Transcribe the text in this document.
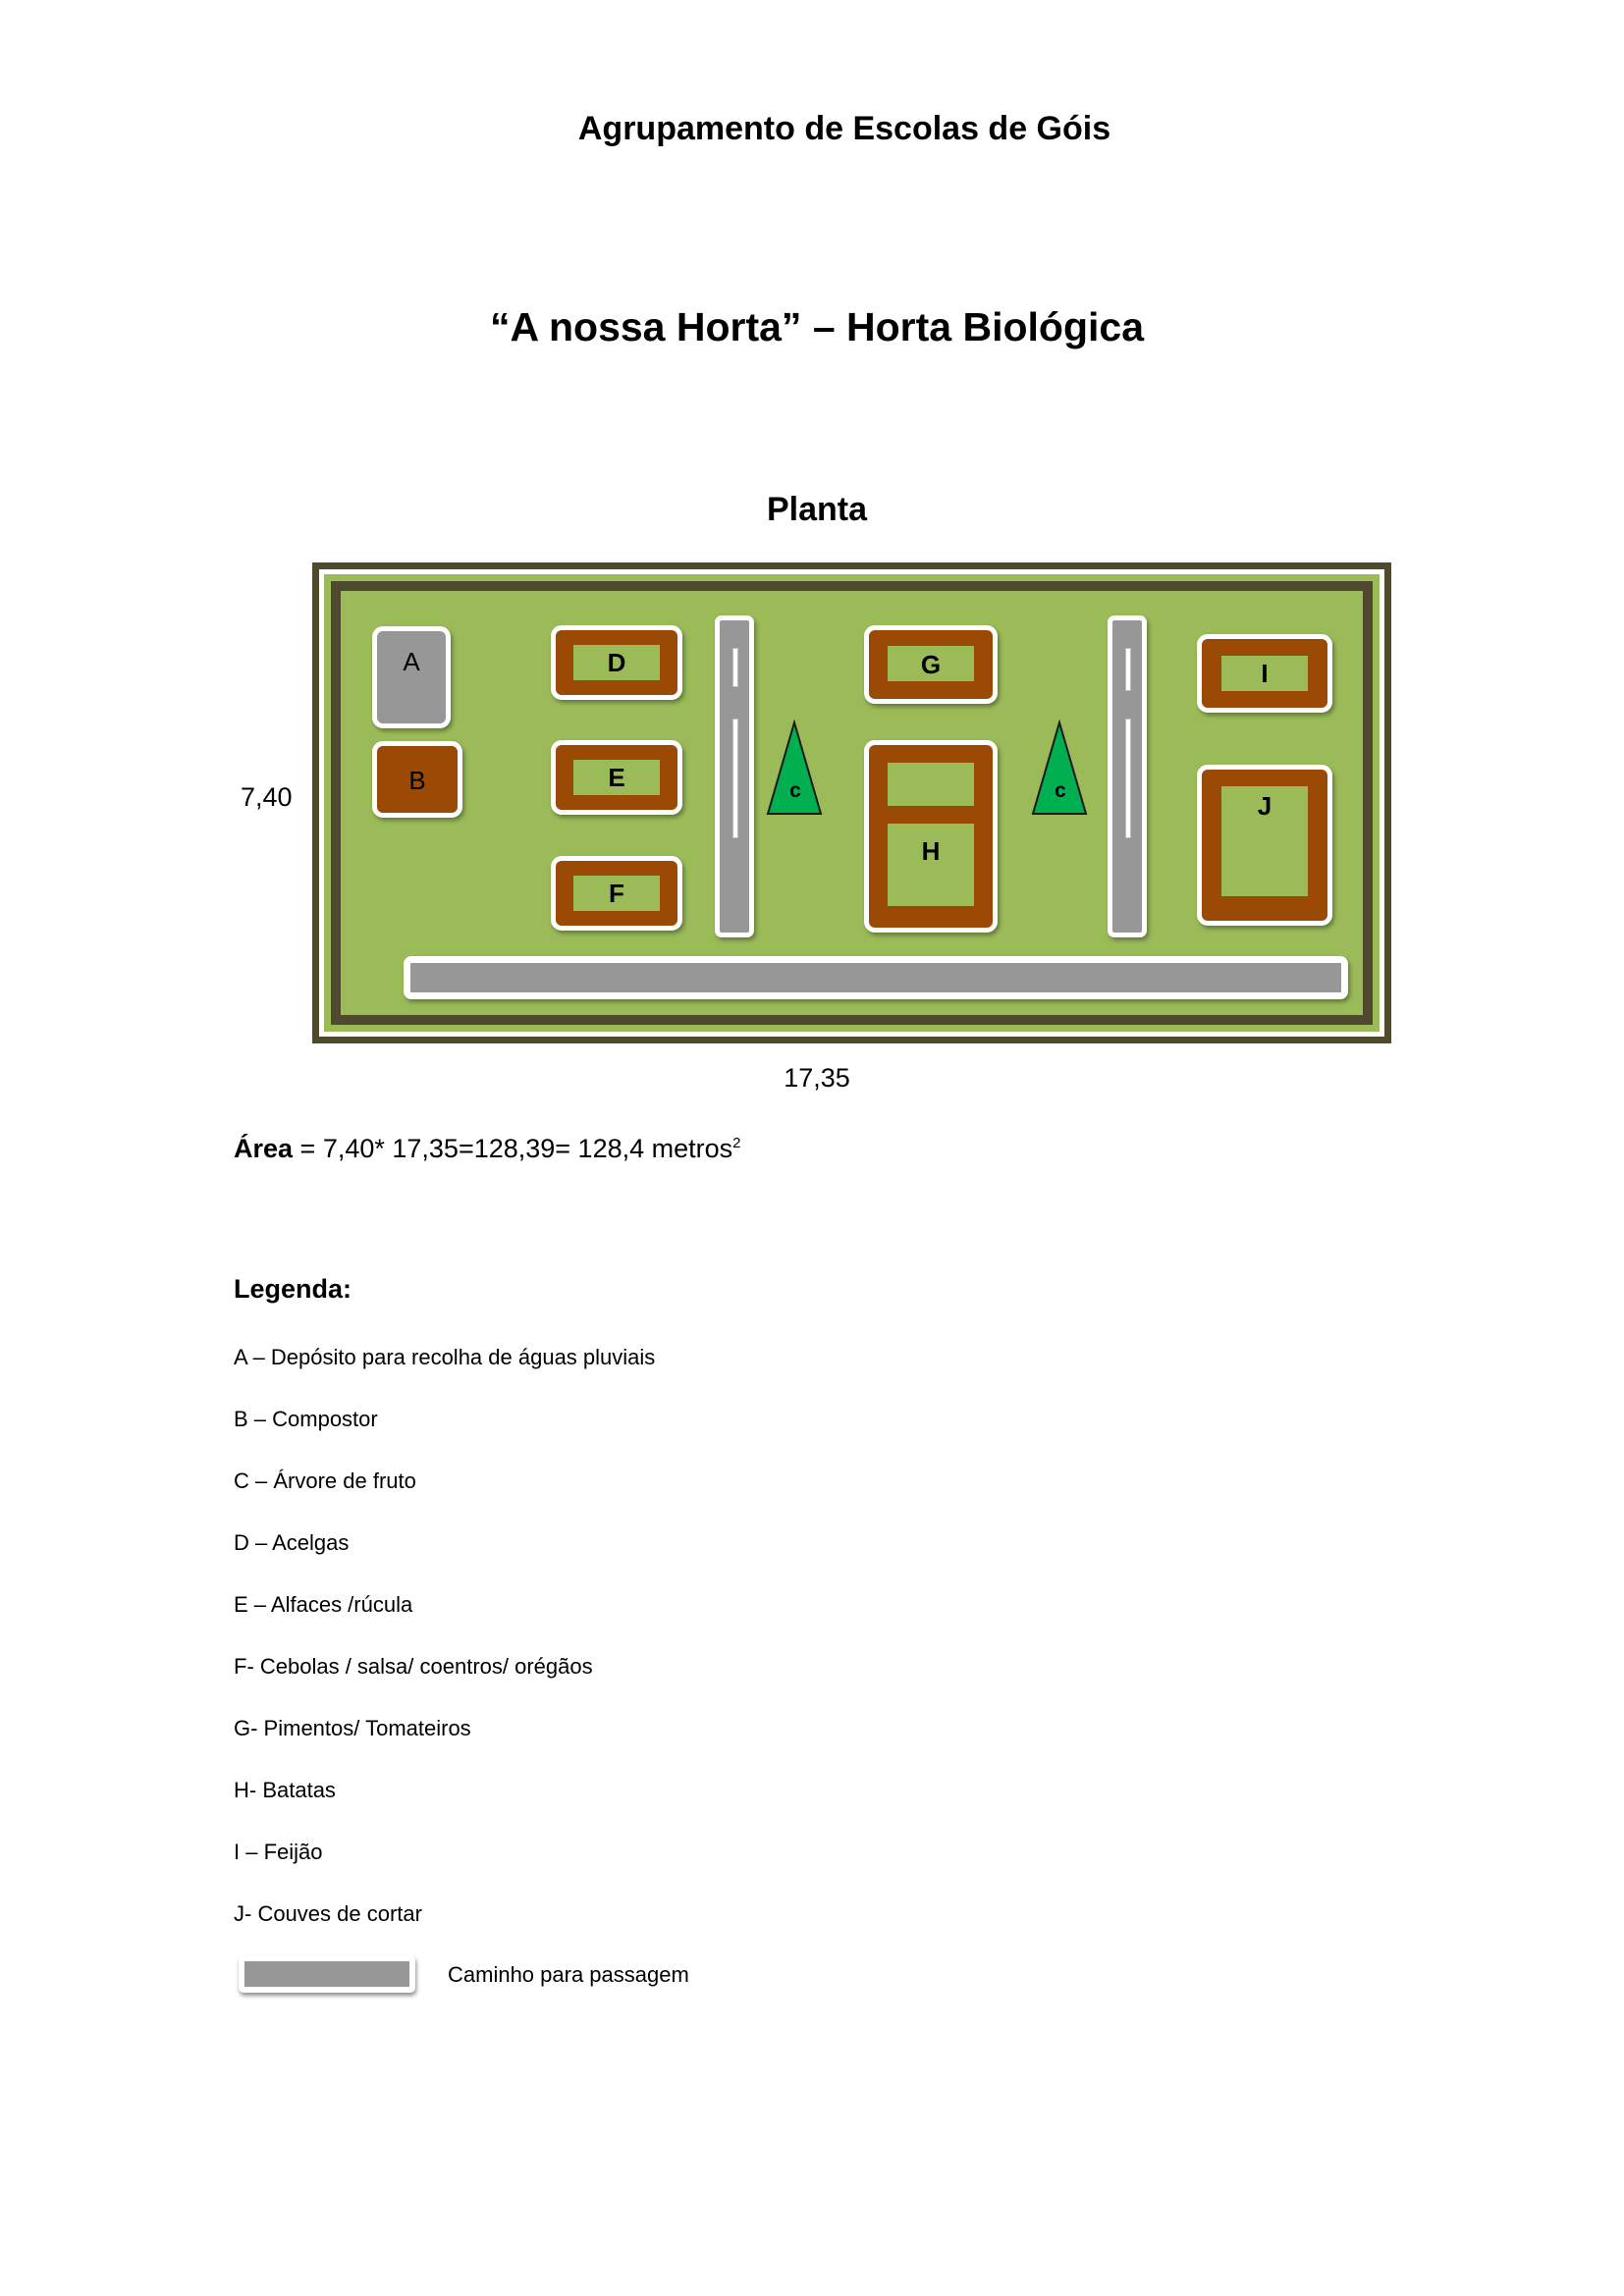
Agrupamento de Escolas de Góis
“A nossa Horta” – Horta Biológica
Planta
7,40
A
B
D
E
F
c
G
H
c
I
J
17,35
Área = 7,40* 17,35=128,39= 128,4 metros$^2$
Legenda:
A – Depósito para recolha de águas pluviais
B – Compostor
C – Árvore de fruto
D – Acelgas
E – Alfaces /rúcula
F- Cebolas / salsa/ coentros/ orégãos
G- Pimentos/ Tomateiros
H- Batatas
I – Feijão
J- Couves de cortar
Caminho para passagem
